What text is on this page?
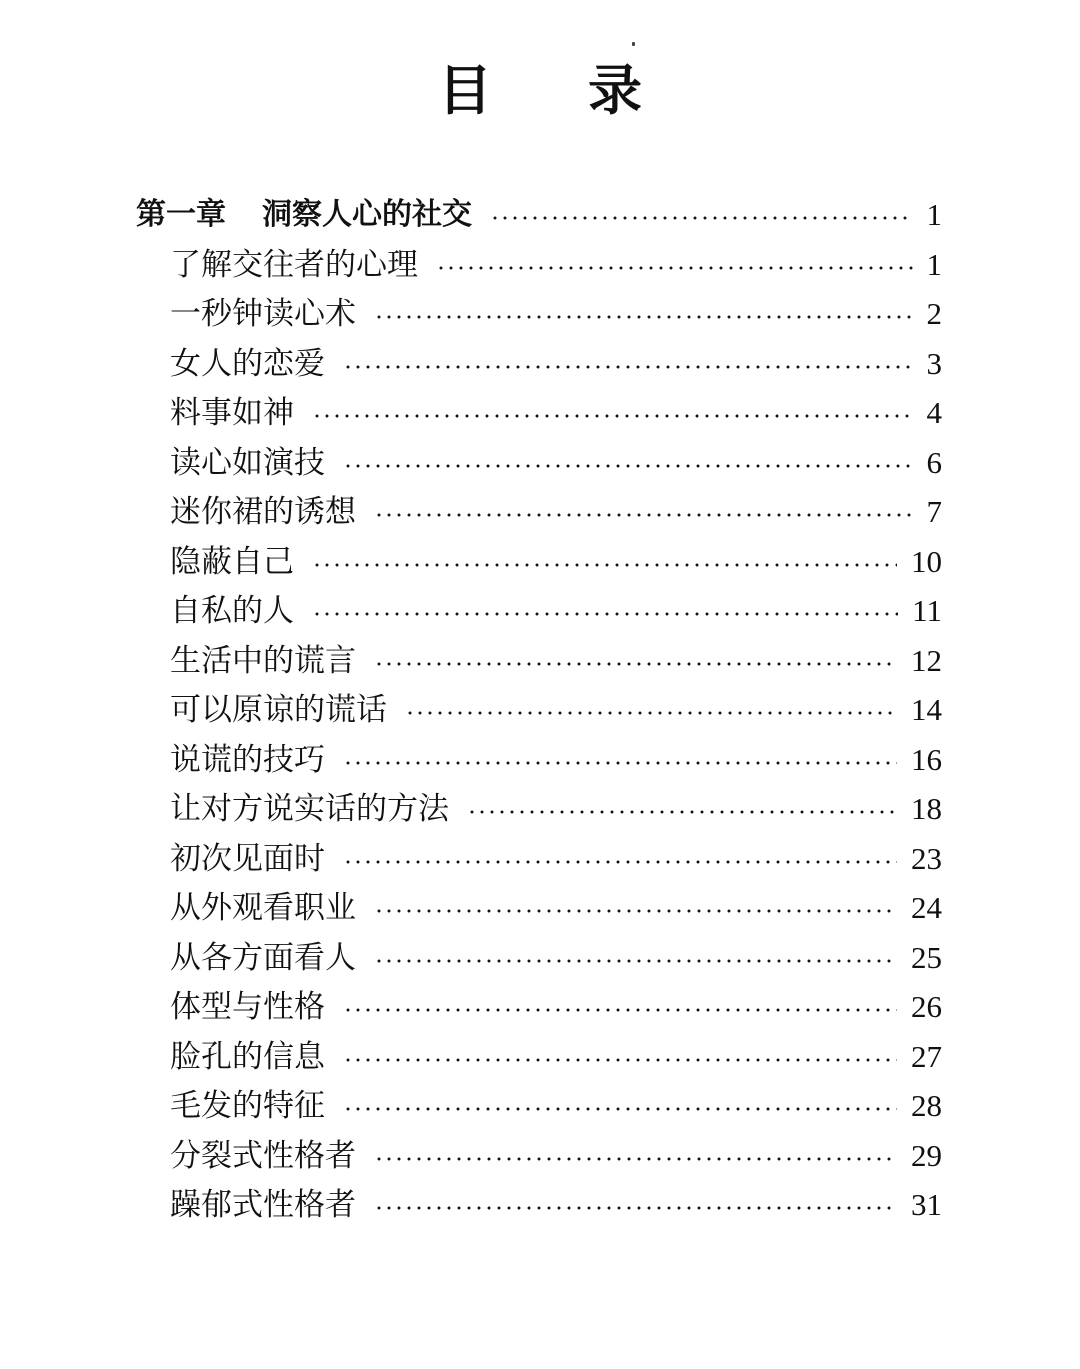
目录
第一章 洞察人心的社交	1
了解交往者的心理	1
一秒钟读心术	2
女人的恋爱	3
料事如神	4
读心如演技	6
迷你裙的诱想	7
隐蔽自己	10
自私的人	11
生活中的谎言	12
可以原谅的谎话	14
说谎的技巧	16
让对方说实话的方法	18
初次见面时	23
从外观看职业	24
从各方面看人	25
体型与性格	26
脸孔的信息	27
毛发的特征	28
分裂式性格者	29
躁郁式性格者	31
